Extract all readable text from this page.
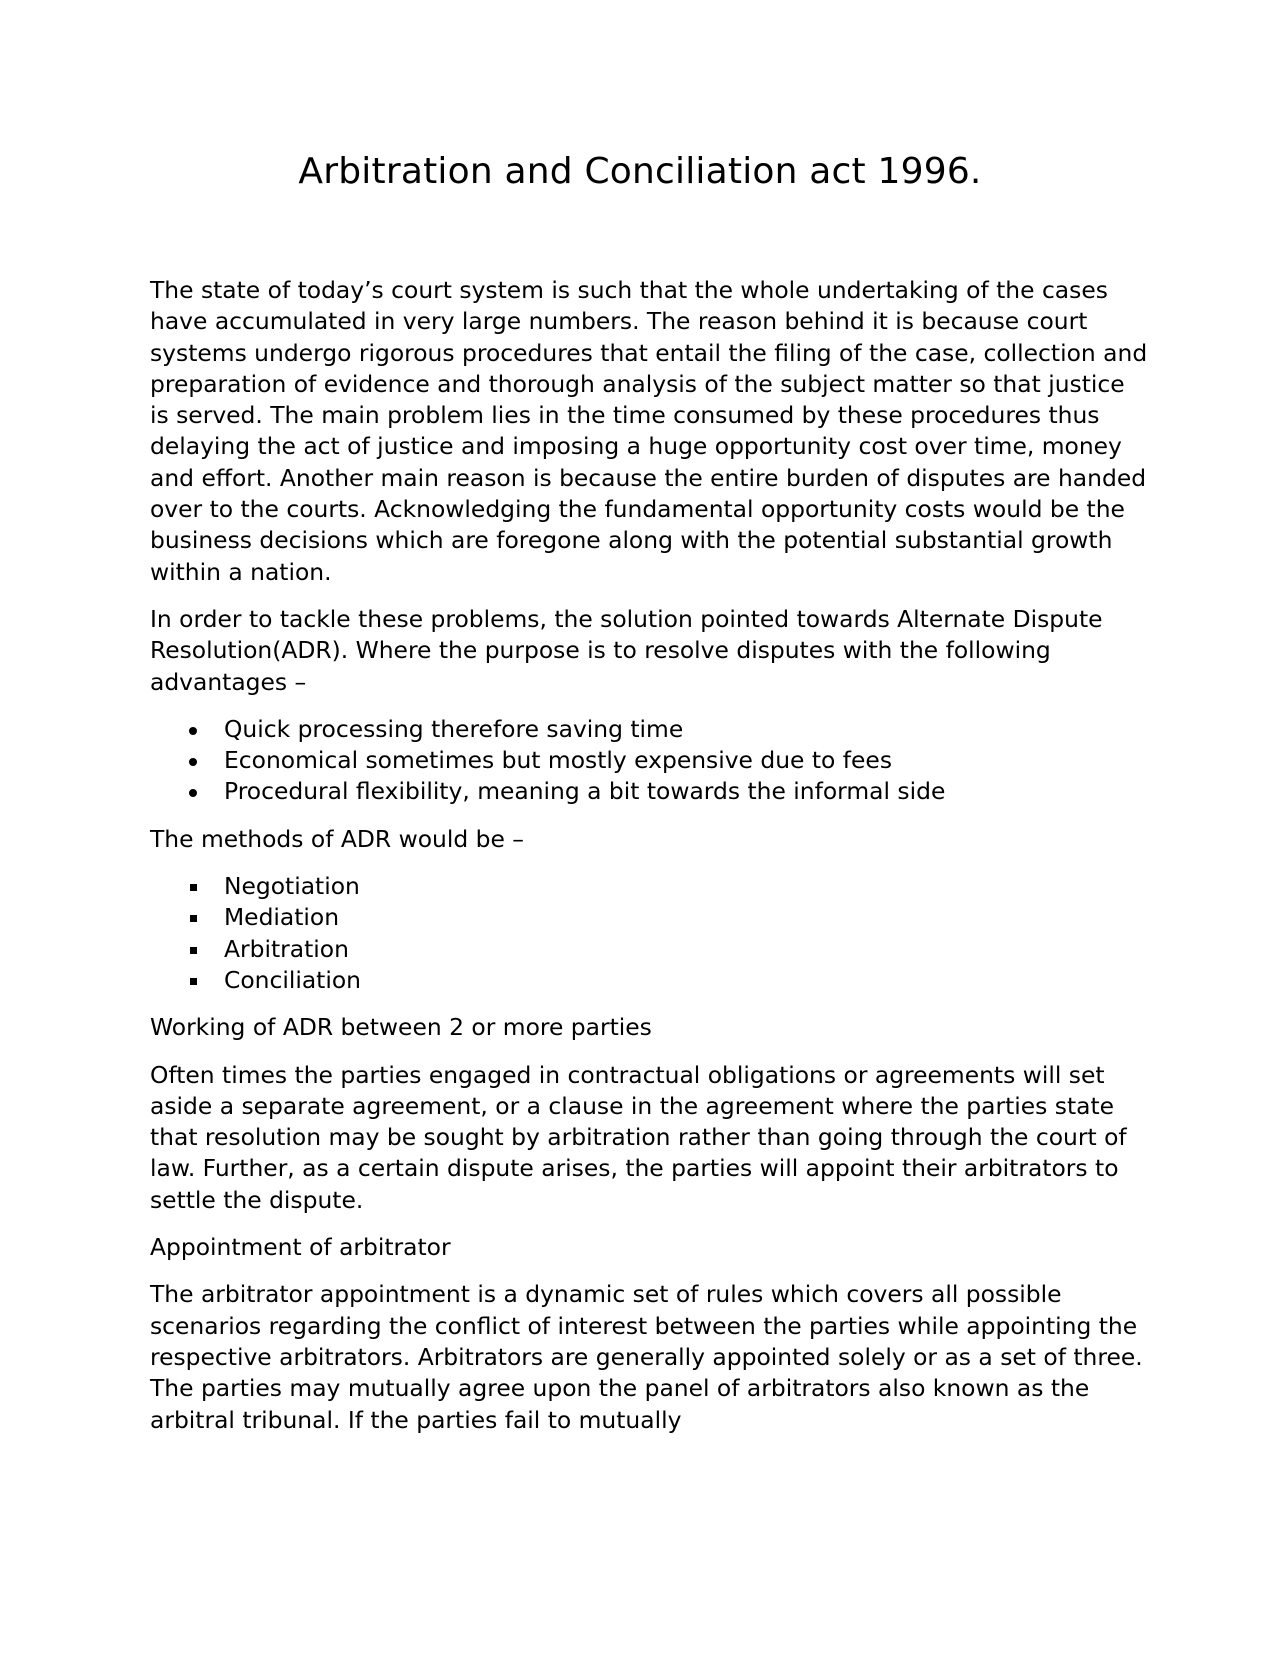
Arbitration and Conciliation act 1996.

The state of today’s court system is such that the whole undertaking of the cases have accumulated in very large numbers. The reason behind it is because court systems undergo rigorous procedures that entail the filing of the case, collection and preparation of evidence and thorough analysis of the subject matter so that justice is served. The main problem lies in the time consumed by these procedures thus delaying the act of justice and imposing a huge opportunity cost over time, money and effort. Another main reason is because the entire burden of disputes are handed over to the courts. Acknowledging the fundamental opportunity costs would be the business decisions which are foregone along with the potential substantial growth within a nation.

In order to tackle these problems, the solution pointed towards Alternate Dispute Resolution(ADR). Where the purpose is to resolve disputes with the following advantages –

Quick processing therefore saving time
Economical sometimes but mostly expensive due to fees
Procedural flexibility, meaning a bit towards the informal side

The methods of ADR would be –

Negotiation
Mediation
Arbitration
Conciliation

Working of ADR between 2 or more parties

Often times the parties engaged in contractual obligations or agreements will set aside a separate agreement, or a clause in the agreement where the parties state that resolution may be sought by arbitration rather than going through the court of law. Further, as a certain dispute arises, the parties will appoint their arbitrators to settle the dispute.

Appointment of arbitrator

The arbitrator appointment is a dynamic set of rules which covers all possible scenarios regarding the conflict of interest between the parties while appointing the respective arbitrators. Arbitrators are generally appointed solely or as a set of three. The parties may mutually agree upon the panel of arbitrators also known as the arbitral tribunal. If the parties fail to mutually
